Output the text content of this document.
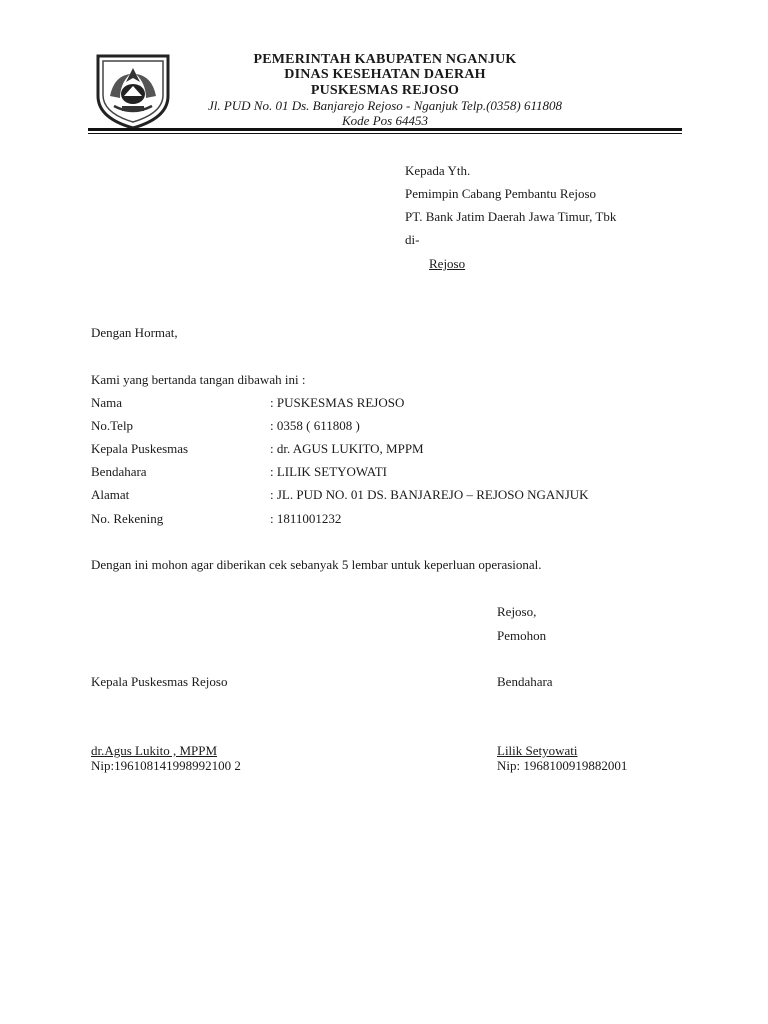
PEMERINTAH KABUPATEN NGANJUK
DINAS KESEHATAN DAERAH
PUSKESMAS REJOSO
Jl. PUD No. 01 Ds. Banjarejo Rejoso - Nganjuk Telp.(0358) 611808
Kode Pos 64453
Kepada Yth.
Pemimpin Cabang Pembantu Rejoso
PT. Bank Jatim Daerah Jawa Timur, Tbk
di-
Rejoso
Dengan Hormat,
Kami yang bertanda tangan dibawah ini :
Nama	: PUSKESMAS REJOSO
No.Telp	: 0358 ( 611808 )
Kepala Puskesmas	: dr. AGUS LUKITO, MPPM
Bendahara	: LILIK SETYOWATI
Alamat	: JL. PUD NO. 01 DS. BANJAREJO – REJOSO NGANJUK
No. Rekening	: 1811001232
Dengan ini mohon agar diberikan cek sebanyak 5 lembar untuk keperluan operasional.
Rejoso,
Pemohon
Kepala Puskesmas Rejoso	Bendahara
dr.Agus Lukito , MPPM
Nip:196108141998992100 2
Lilik Setyowati
Nip: 1968100919882001
